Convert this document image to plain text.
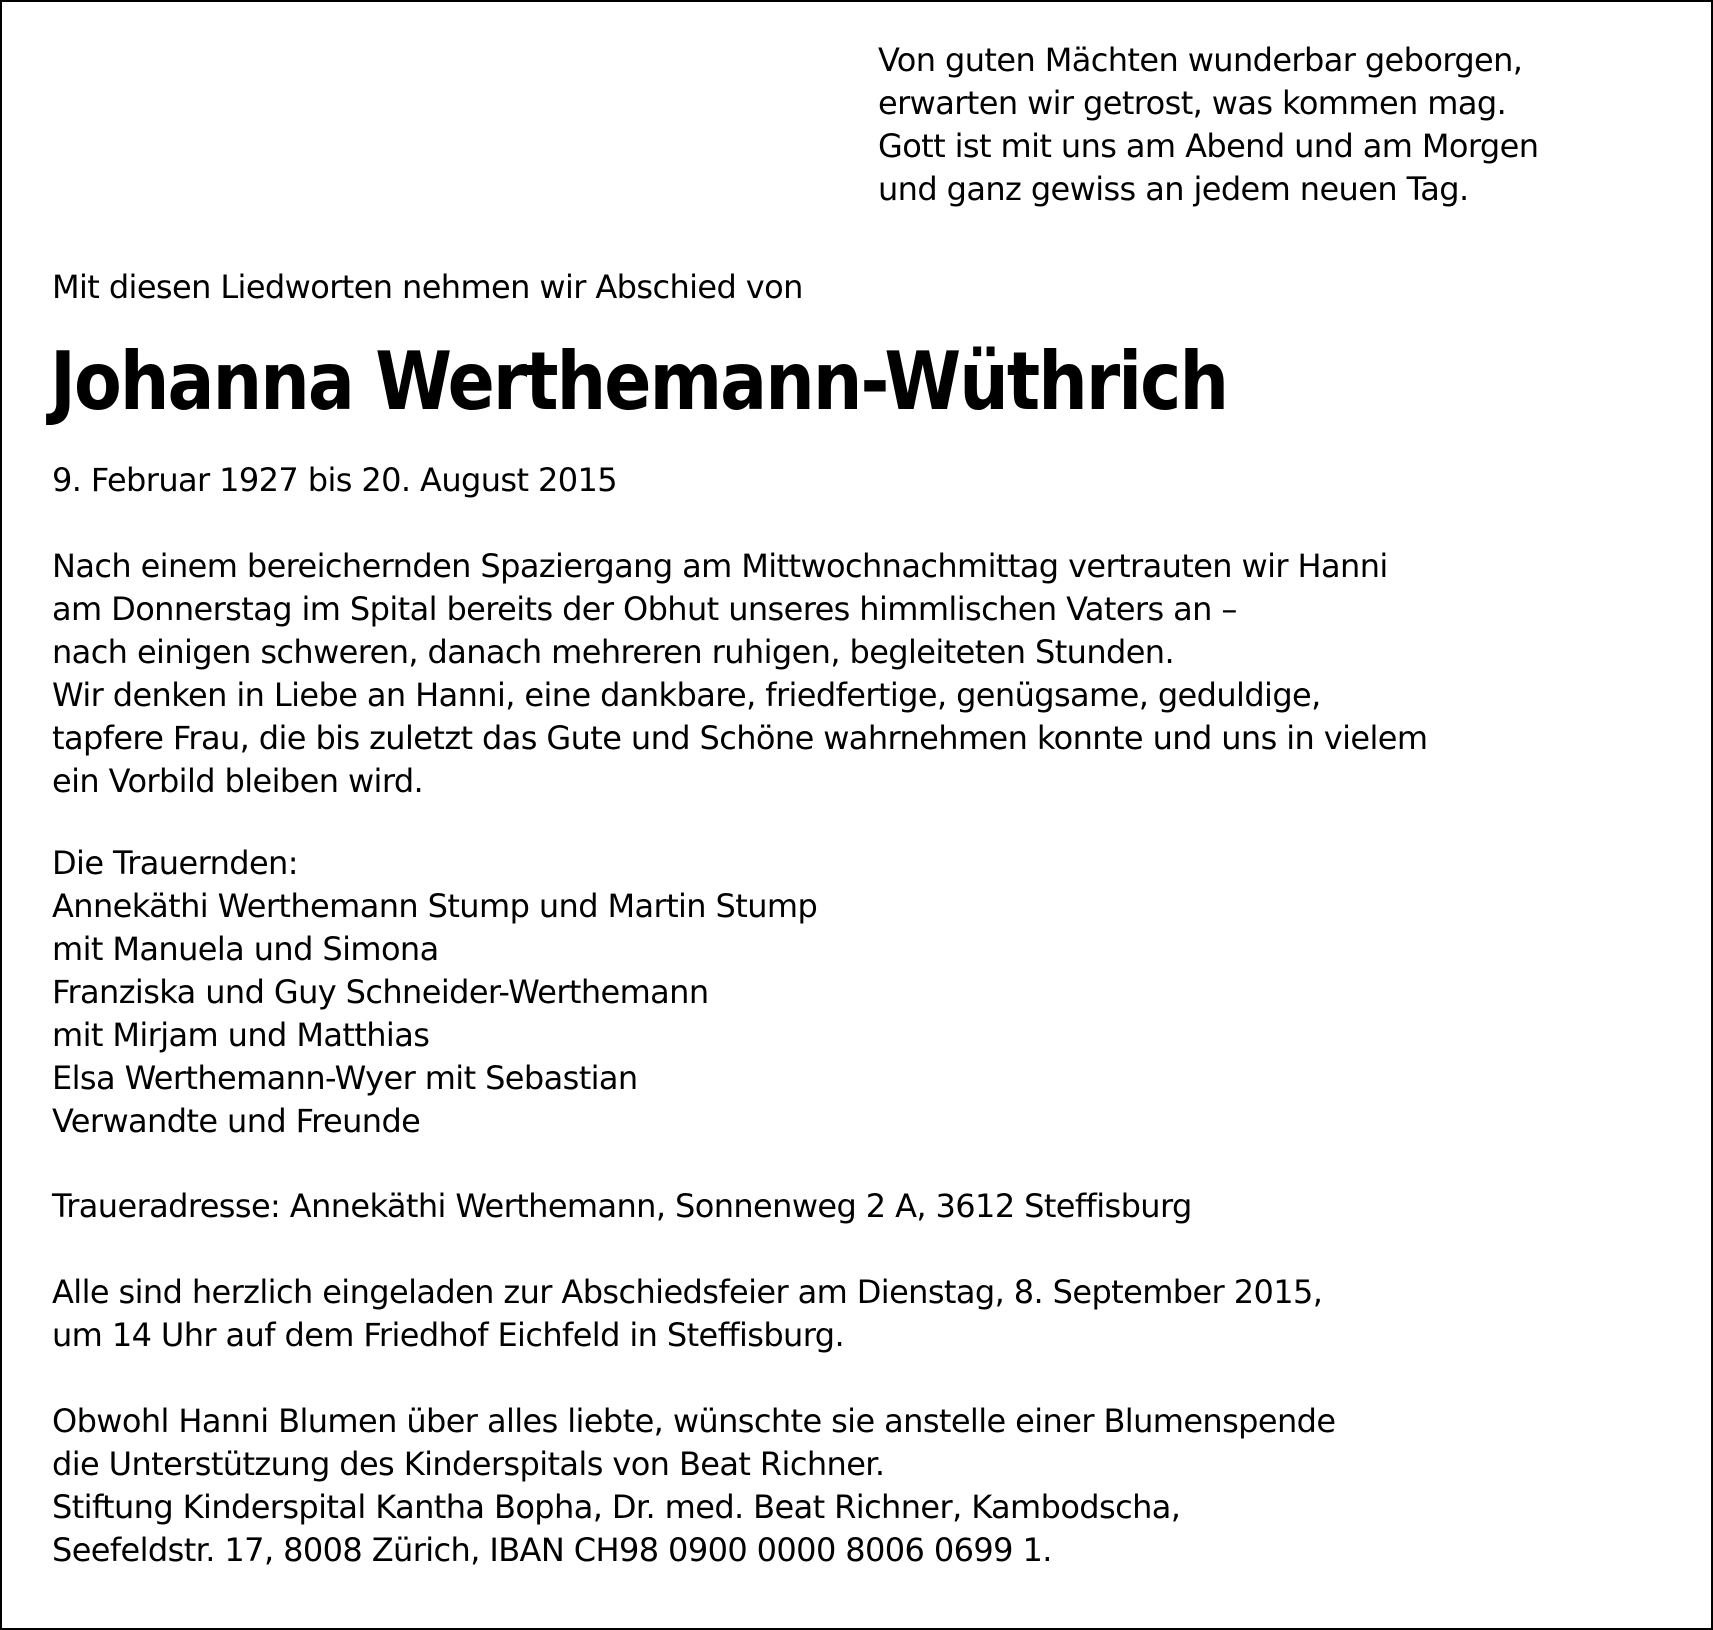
Von guten Mächten wunderbar geborgen,
erwarten wir getrost, was kommen mag.
Gott ist mit uns am Abend und am Morgen
und ganz gewiss an jedem neuen Tag.
Mit diesen Liedworten nehmen wir Abschied von
Johanna Werthemann-Wüthrich
9. Februar 1927 bis 20. August 2015
Nach einem bereichernden Spaziergang am Mittwochnachmittag vertrauten wir Hanni
am Donnerstag im Spital bereits der Obhut unseres himmlischen Vaters an –
nach einigen schweren, danach mehreren ruhigen, begleiteten Stunden.
Wir denken in Liebe an Hanni, eine dankbare, friedfertige, genügsame, geduldige,
tapfere Frau, die bis zuletzt das Gute und Schöne wahrnehmen konnte und uns in vielem
ein Vorbild bleiben wird.
Die Trauernden:
Annekäthi Werthemann Stump und Martin Stump
mit Manuela und Simona
Franziska und Guy Schneider-Werthemann
mit Mirjam und Matthias
Elsa Werthemann-Wyer mit Sebastian
Verwandte und Freunde
Traueradresse: Annekäthi Werthemann, Sonnenweg 2 A, 3612 Steffisburg
Alle sind herzlich eingeladen zur Abschiedsfeier am Dienstag, 8. September 2015,
um 14 Uhr auf dem Friedhof Eichfeld in Steffisburg.
Obwohl Hanni Blumen über alles liebte, wünschte sie anstelle einer Blumenspende
die Unterstützung des Kinderspitals von Beat Richner.
Stiftung Kinderspital Kantha Bopha, Dr. med. Beat Richner, Kambodscha,
Seefeldstr. 17, 8008 Zürich, IBAN CH98 0900 0000 8006 0699 1.
